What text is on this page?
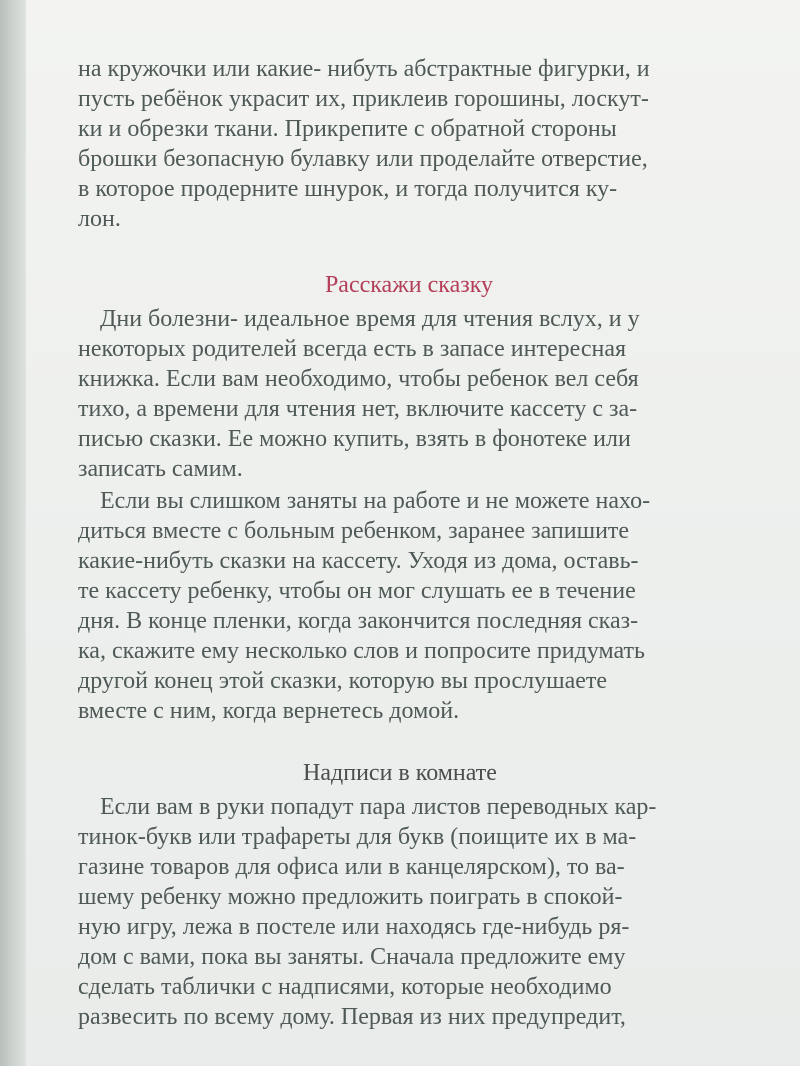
на кружочки или какие- нибуть абстрактные фигурки, и
пусть ребёнок украсит их, приклеив горошины, лоскут-
ки и обрезки ткани. Прикрепите с обратной стороны
брошки безопасную булавку или проделайте отверстие,
в которое продерните шнурок, и тогда получится ку-
лон.
Расскажи сказку
Дни болезни- идеальное время для чтения вслух, и у
некоторых родителей всегда есть в запасе интересная
книжка. Если вам необходимо, чтобы ребенок вел себя
тихо, а времени для чтения нет, включите кассету с за-
писью сказки. Ее можно купить, взять в фонотеке или
записать самим.
Если вы слишком заняты на работе и не можете нахо-
диться вместе с больным ребенком, заранее запишите
какие-нибуть сказки на кассету. Уходя из дома, оставь-
те кассету ребенку, чтобы он мог слушать ее в течение
дня. В конце пленки, когда закончится последняя сказ-
ка, скажите ему несколько слов и попросите придумать
другой конец этой сказки, которую вы прослушаете
вместе с ним, когда вернетесь домой.
Надписи в комнате
Если вам в руки попадут пара листов переводных кар-
тинок-букв или трафареты для букв (поищите их в ма-
газине товаров для офиса или в канцелярском), то ва-
шему ребенку можно предложить поиграть в спокой-
ную игру, лежа в постеле или находясь где-нибудь ря-
дом с вами, пока вы заняты. Сначала предложите ему
сделать таблички с надписями, которые необходимо
развесить по всему дому. Первая из них предупредит,
